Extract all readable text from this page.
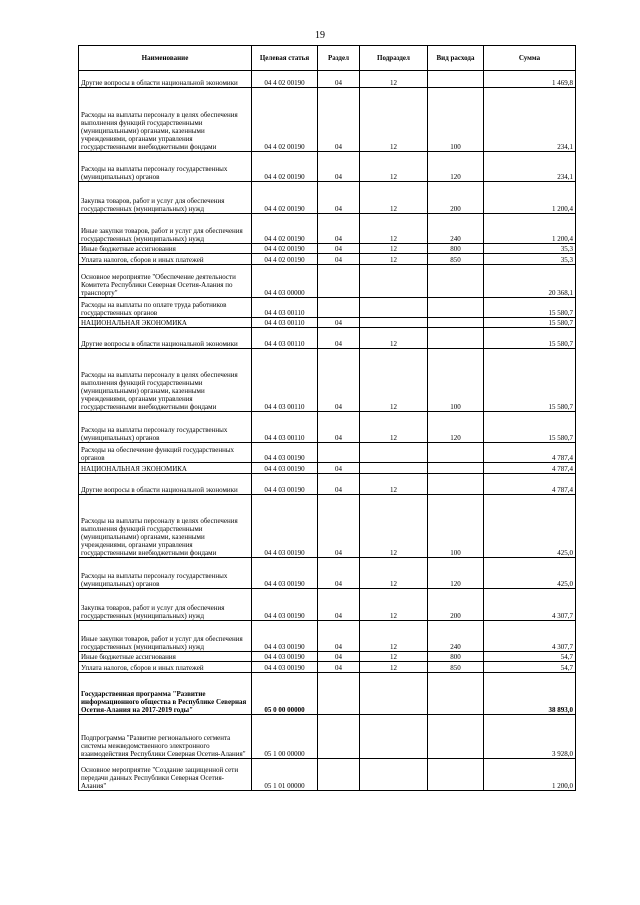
19
Наименование	Целевая статья	Раздел	Подраздел	Вид расхода	Сумма
Другие вопросы в области национальной экономики	04 4 02 00190	04	12		1 469,8
Расходы на выплаты персоналу в целях обеспечения выполнения функций государственными (муниципальными) органами, казенными учреждениями, органами управления государственными внебюджетными фондами	04 4 02 00190	04	12	100	234,1
Расходы на выплаты персоналу государственных (муниципальных) органов	04 4 02 00190	04	12	120	234,1
Закупка товаров, работ и услуг для обеспечения государственных (муниципальных) нужд	04 4 02 00190	04	12	200	1 200,4
Иные закупки товаров, работ и услуг для обеспечения государственных (муниципальных) нужд	04 4 02 00190	04	12	240	1 200,4
Иные бюджетные ассигнования	04 4 02 00190	04	12	800	35,3
Уплата налогов, сборов и иных платежей	04 4 02 00190	04	12	850	35,3
Основное мероприятие "Обеспечение деятельности Комитета Республики Северная Осетия-Алания по транспорту"	04 4 03 00000				20 368,1
Расходы на выплаты по оплате труда работников государственных органов	04 4 03 00110				15 580,7
НАЦИОНАЛЬНАЯ ЭКОНОМИКА	04 4 03 00110	04			15 580,7
Другие вопросы в области национальной экономики	04 4 03 00110	04	12		15 580,7
Расходы на выплаты персоналу в целях обеспечения выполнения функций государственными (муниципальными) органами, казенными учреждениями, органами управления государственными внебюджетными фондами	04 4 03 00110	04	12	100	15 580,7
Расходы на выплаты персоналу государственных (муниципальных) органов	04 4 03 00110	04	12	120	15 580,7
Расходы на обеспечение функций государственных органов	04 4 03 00190				4 787,4
НАЦИОНАЛЬНАЯ ЭКОНОМИКА	04 4 03 00190	04			4 787,4
Другие вопросы в области национальной экономики	04 4 03 00190	04	12		4 787,4
Расходы на выплаты персоналу в целях обеспечения выполнения функций государственными (муниципальными) органами, казенными учреждениями, органами управления государственными внебюджетными фондами	04 4 03 00190	04	12	100	425,0
Расходы на выплаты персоналу государственных (муниципальных) органов	04 4 03 00190	04	12	120	425,0
Закупка товаров, работ и услуг для обеспечения государственных (муниципальных) нужд	04 4 03 00190	04	12	200	4 307,7
Иные закупки товаров, работ и услуг для обеспечения государственных (муниципальных) нужд	04 4 03 00190	04	12	240	4 307,7
Иные бюджетные ассигнования	04 4 03 00190	04	12	800	54,7
Уплата налогов, сборов и иных платежей	04 4 03 00190	04	12	850	54,7
Государственная программа "Развитие информационного общества в Республике Северная Осетия-Алания на 2017-2019 годы"	05 0 00 00000				38 893,0
Подпрограмма "Развитие регионального сегмента системы межведомственного электронного взаимодействия Республики Северная Осетия-Алания"	05 1 00 00000				3 928,0
Основное мероприятие "Создание защищенной сети передачи данных Республики Северная Осетия-Алания"	05 1 01 00000				1 200,0
